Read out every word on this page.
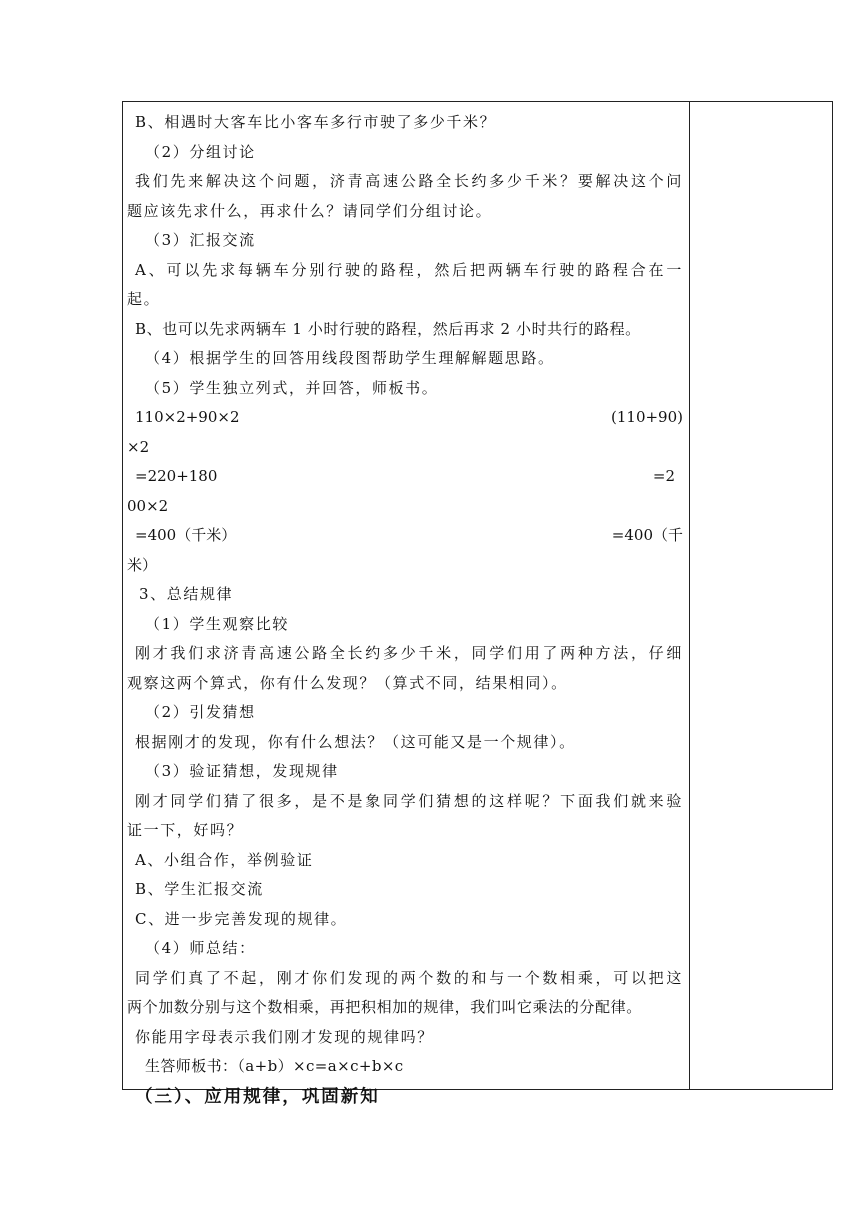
B、相遇时大客车比小客车多行市驶了多少千米？
（2）分组讨论
我们先来解决这个问题，济青高速公路全长约多少千米？要解决这个问
题应该先求什么，再求什么？请同学们分组讨论。
（3）汇报交流
A、可以先求每辆车分别行驶的路程，然后把两辆车行驶的路程合在一
起。
B、也可以先求两辆车 1 小时行驶的路程，然后再求 2 小时共行的路程。
（4）根据学生的回答用线段图帮助学生理解解题思路。
（5）学生独立列式，并回答，师板书。
110×2+90×2	(110+90)
×2
=220+180	=2
00×2
=400（千米）	=400（千
米）
3、总结规律
（1）学生观察比较
刚才我们求济青高速公路全长约多少千米，同学们用了两种方法，仔细
观察这两个算式，你有什么发现？（算式不同，结果相同）。
（2）引发猜想
根据刚才的发现，你有什么想法？（这可能又是一个规律）。
（3）验证猜想，发现规律
刚才同学们猜了很多，是不是象同学们猜想的这样呢？下面我们就来验
证一下，好吗？
A、小组合作，举例验证
B、学生汇报交流
C、进一步完善发现的规律。
（4）师总结：
同学们真了不起，刚才你们发现的两个数的和与一个数相乘，可以把这
两个加数分别与这个数相乘，再把积相加的规律，我们叫它乘法的分配律。
你能用字母表示我们刚才发现的规律吗？
生答师板书：（a+b）×c=a×c+b×c
（三）、应用规律，巩固新知
